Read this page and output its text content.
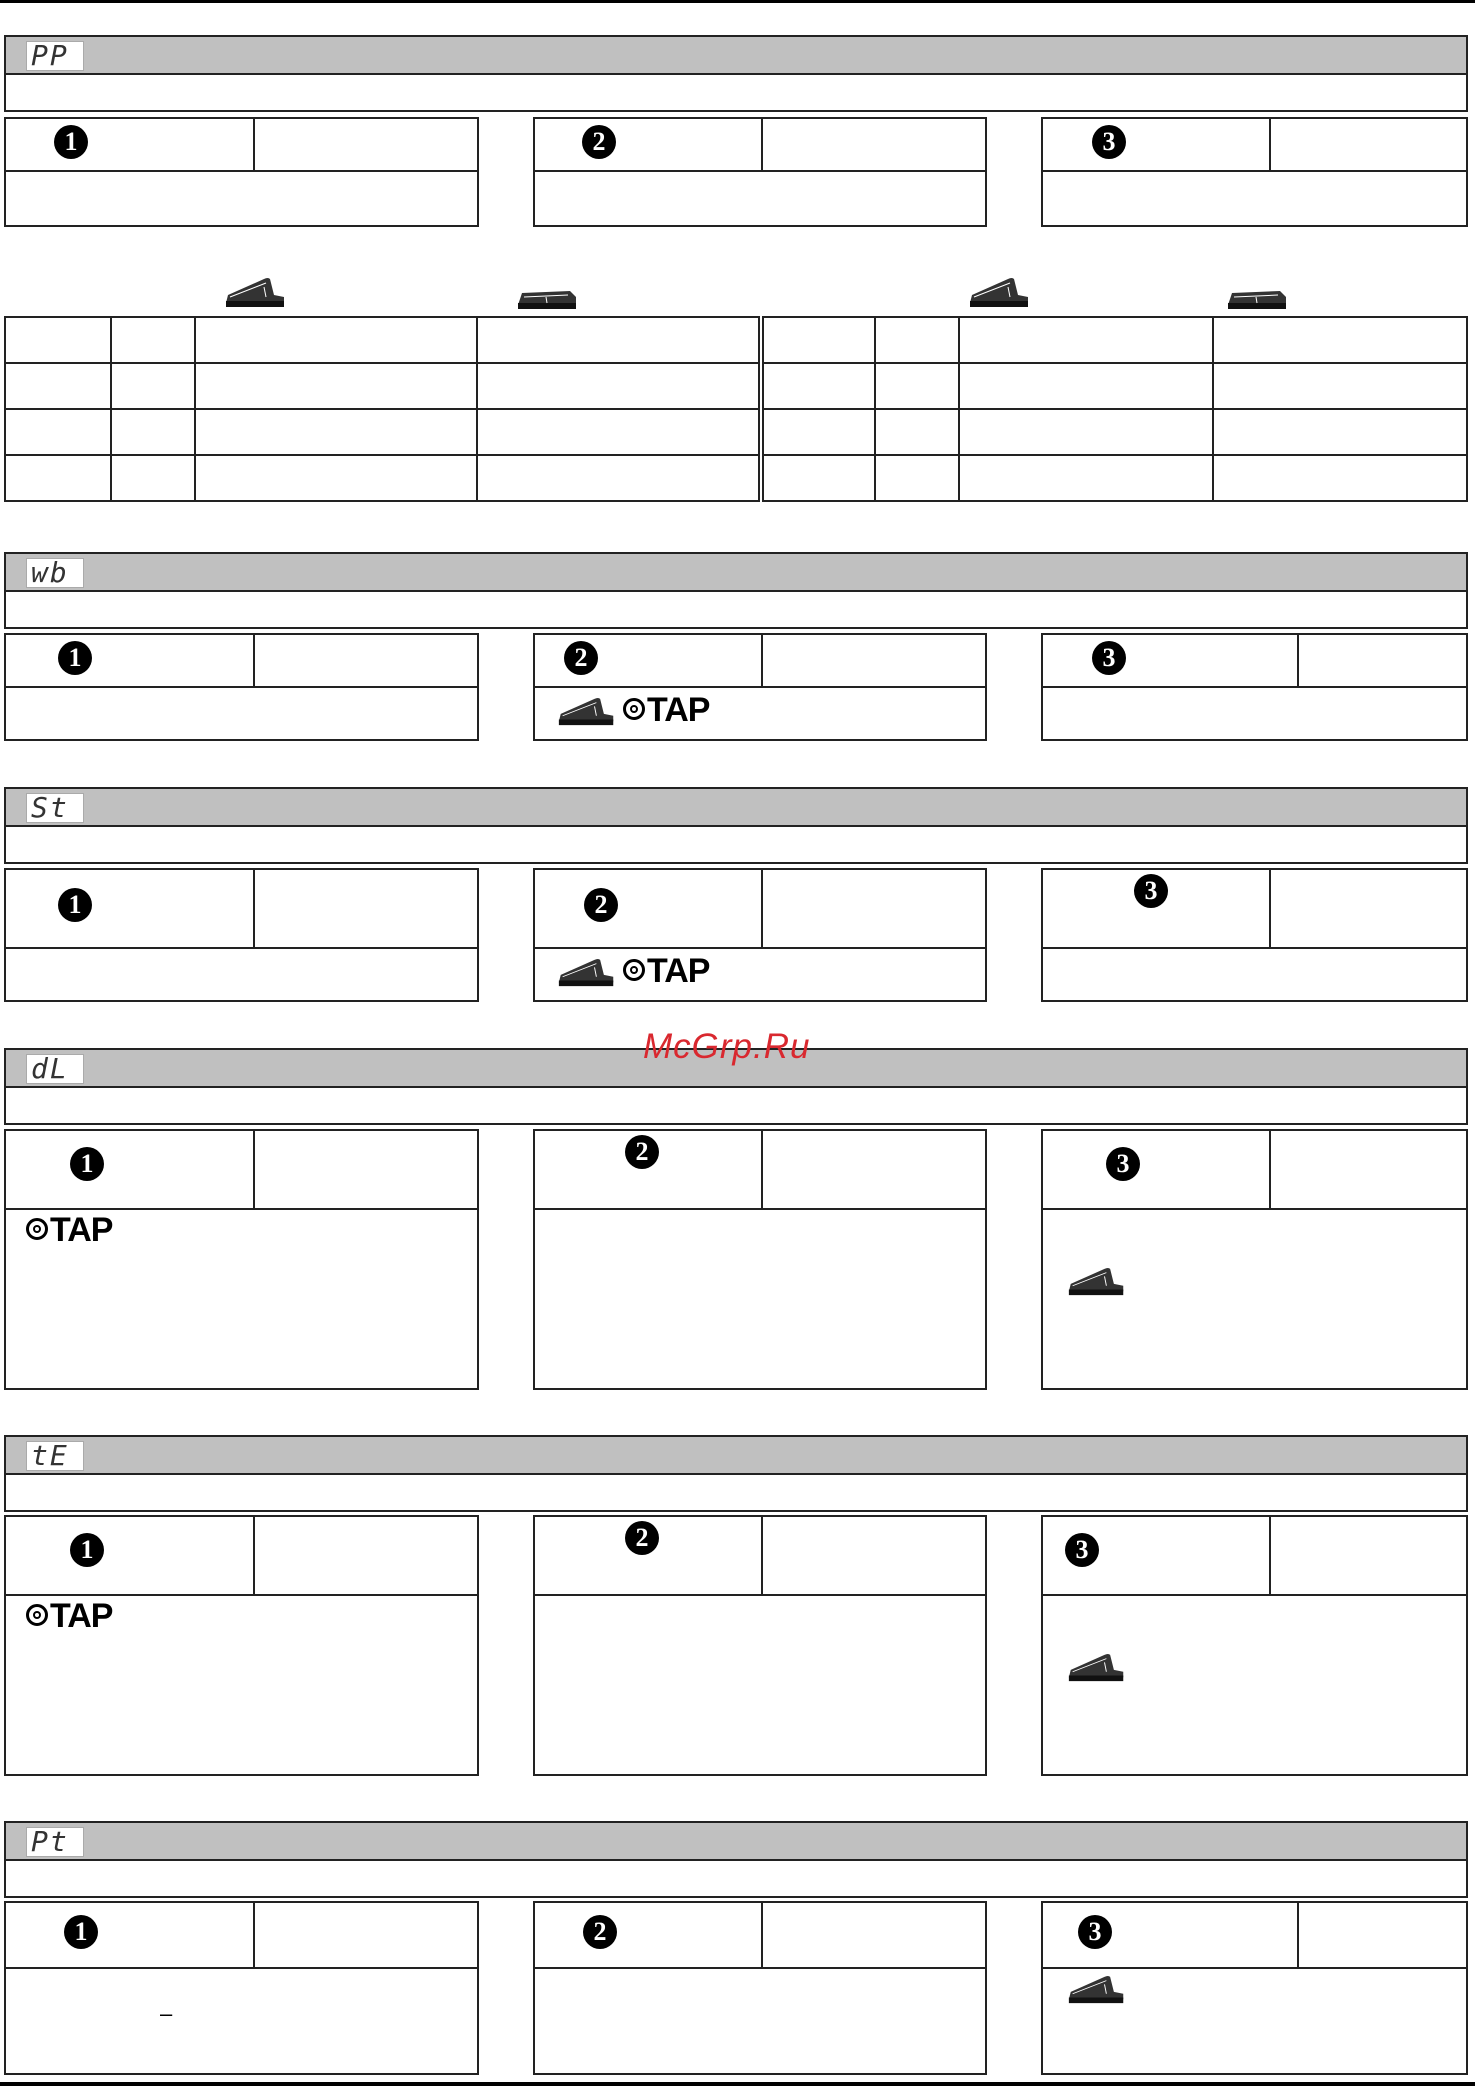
PP
1	2	3

wb
1	2
TAP
3
St
1	2
TAP
3
dL
1
TAP
2	3
McGrp.Ru
tE
1
TAP
2	3
Pt
1
–
2	3
